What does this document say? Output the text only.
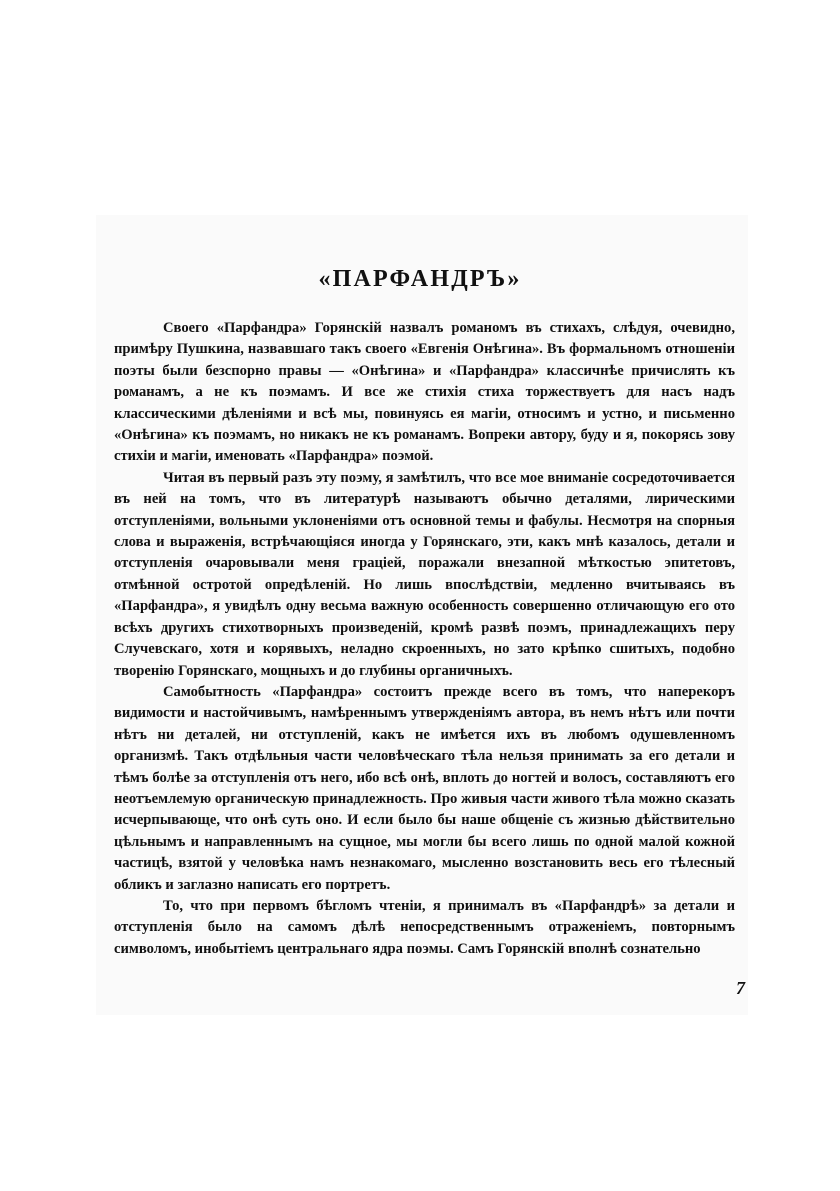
«ПАРФАНДРЪ»

Своего «Парфандра» Горянскій назвалъ романомъ въ стихахъ, слѣдуя, очевидно, примѣру Пушкина, назвавшаго такъ своего «Евгенія Онѣгина». Въ формальномъ отношеніи поэты были безспорно правы — «Онѣгина» и «Парфандра» классичнѣе причислять къ романамъ, а не къ поэмамъ. И все же стихія стиха торжествуетъ для насъ надъ классическими дѣленіями и всѣ мы, повинуясь ея магіи, относимъ и устно, и письменно «Онѣгина» къ поэмамъ, но никакъ не къ романамъ. Вопреки автору, буду и я, покорясь зову стихіи и магіи, именовать «Парфандра» поэмой.

Читая въ первый разъ эту поэму, я замѣтилъ, что все мое вниманіе сосредоточивается въ ней на томъ, что въ литературѣ называютъ обычно деталями, лирическими отступленіями, вольными уклоненіями отъ основной темы и фабулы. Несмотря на спорныя слова и выраженія, встрѣчающіяся иногда у Горянскаго, эти, какъ мнѣ казалось, детали и отступленія очаровывали меня граціей, поражали внезапной мѣткостью эпитетовъ, отмѣнной остротой опредѣленій. Но лишь впослѣдствіи, медленно вчитываясь въ «Парфандра», я увидѣлъ одну весьма важную особенность совершенно отличающую его ото всѣхъ другихъ стихотворныхъ произведеній, кромѣ развѣ поэмъ, принадлежащихъ перу Случевскаго, хотя и корявыхъ, неладно скроенныхъ, но зато крѣпко сшитыхъ, подобно творенію Горянскаго, мощныхъ и до глубины органичныхъ.

Самобытность «Парфандра» состоитъ прежде всего въ томъ, что наперекоръ видимости и настойчивымъ, намѣреннымъ утвержденіямъ автора, въ немъ нѣтъ или почти нѣтъ ни деталей, ни отступленій, какъ не имѣется ихъ въ любомъ одушевленномъ организмѣ. Такъ отдѣльныя части человѣческаго тѣла нельзя принимать за его детали и тѣмъ болѣе за отступленія отъ него, ибо всѣ онѣ, вплоть до ногтей и волосъ, составляютъ его неотъемлемую органическую принадлежность. Про живыя части живого тѣла можно сказать исчерпывающе, что онѣ суть оно. И если было бы наше общеніе съ жизнью дѣйствительно цѣльнымъ и направленнымъ на сущное, мы могли бы всего лишь по одной малой кожной частицѣ, взятой у человѣка намъ незнакомаго, мысленно возстановить весь его тѣлесный обликъ и заглазно написать его портретъ.

То, что при первомъ бѣгломъ чтеніи, я принималъ въ «Парфандрѣ» за детали и отступленія было на самомъ дѣлѣ непосредственнымъ отраженіемъ, повторнымъ символомъ, инобытіемъ центральнаго ядра поэмы. Самъ Горянскій вполнѣ сознательно

7
